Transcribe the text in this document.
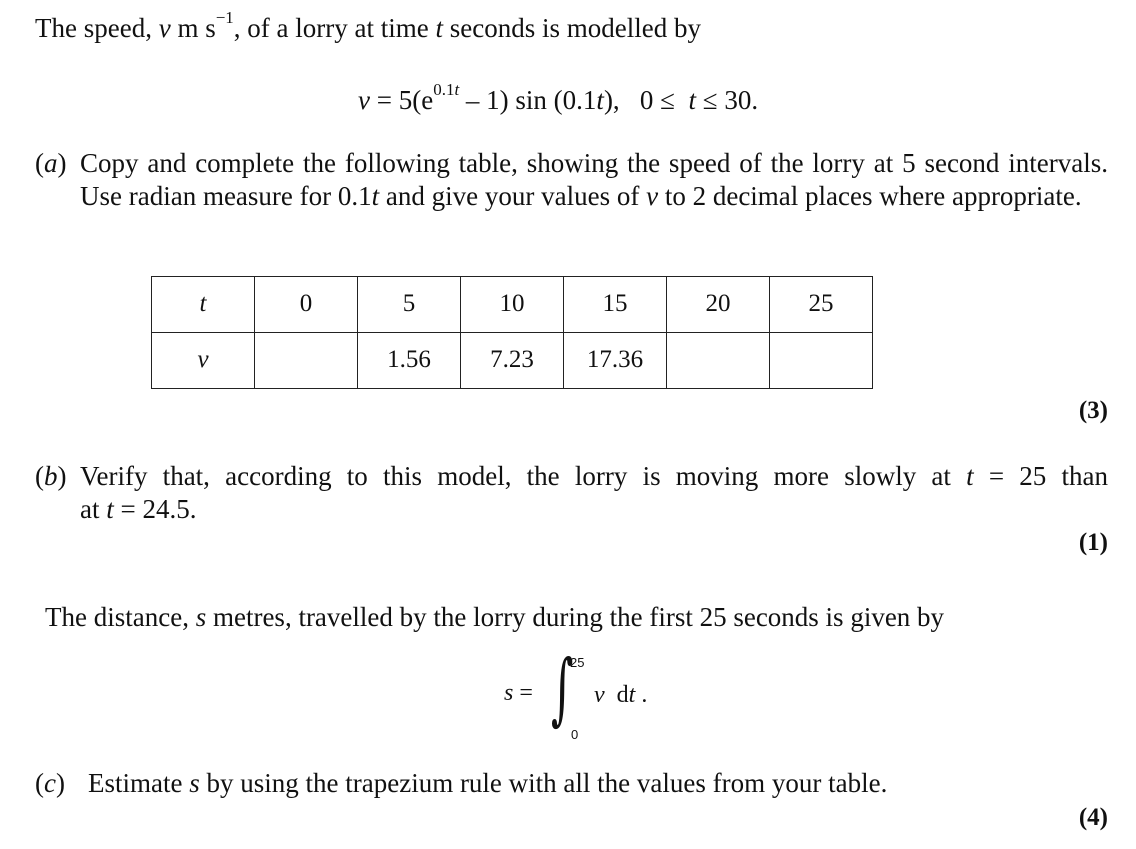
The speed, v m $s^{-1}$, of a lorry at time t seconds is modelled by
$v = 5(e^{0.1t} - 1)$ sin (0.1t),   0 ≤  t ≤ 30.
(a) Copy and complete the following table, showing the speed of the lorry at 5 second intervals. Use radian measure for 0.1t and give your values of v to 2 decimal places where appropriate.
t	0	5	10	15	20	25
v		1.56	7.23	17.36		
(3)
(b) Verify that, according to this model, the lorry is moving more slowly at t = 25 than
at t = 24.5.
(1)
The distance, s metres, travelled by the lorry during the first 25 seconds is given by
s = ∫
25
0
v  dt .
(c) Estimate s by using the trapezium rule with all the values from your table.
(4)
